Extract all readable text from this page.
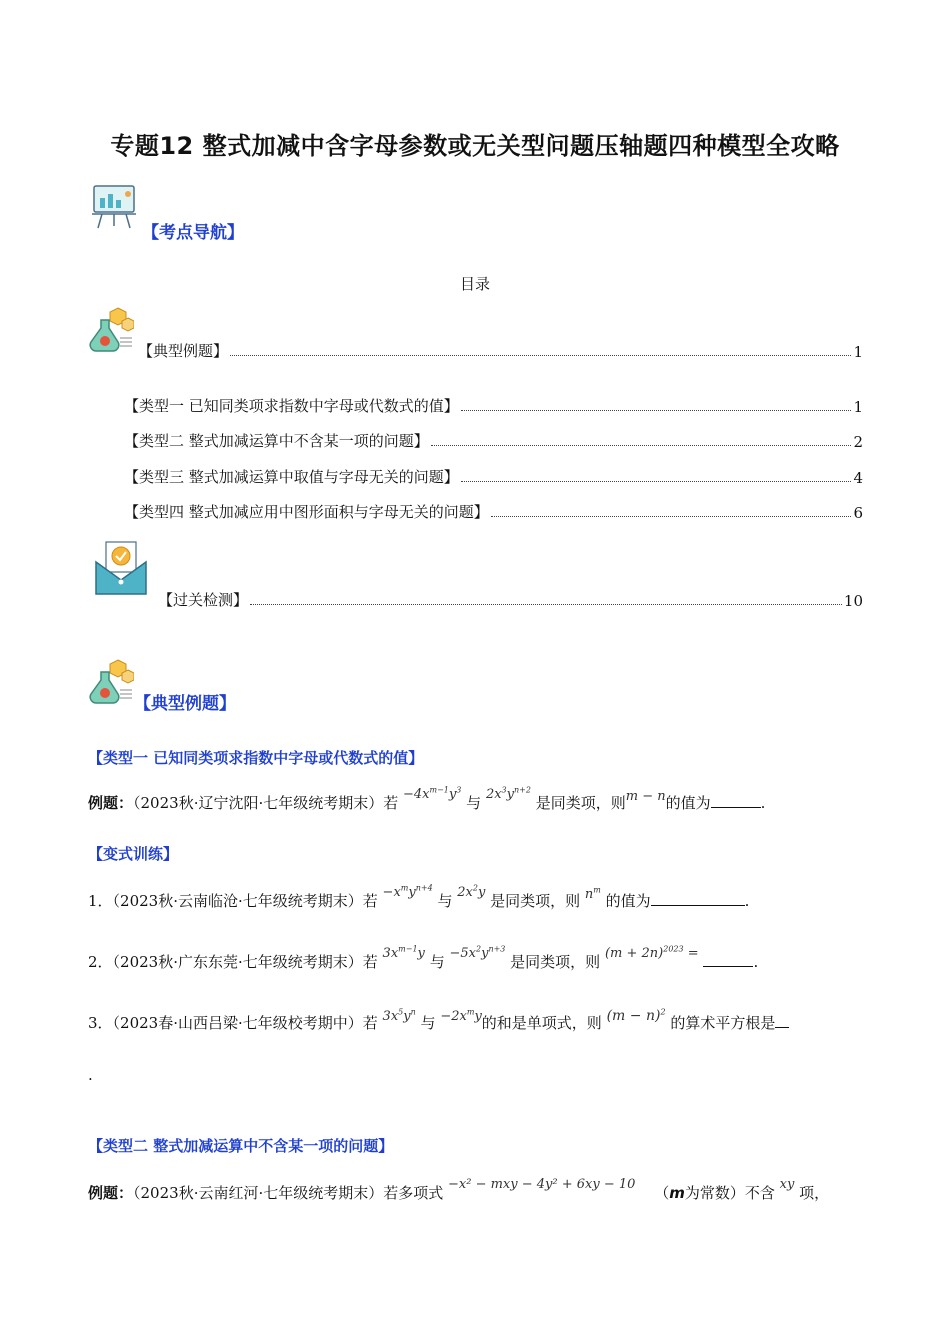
专题12 整式加减中含字母参数或无关型问题压轴题四种模型全攻略
【考点导航】
目录
【典型例题】	1
【类型一 已知同类项求指数中字母或代数式的值】	1
【类型二 整式加减运算中不含某一项的问题】	2
【类型三 整式加减运算中取值与字母无关的问题】	4
【类型四 整式加减应用中图形面积与字母无关的问题】	6
【过关检测】	10
【典型例题】
【类型一 已知同类项求指数中字母或代数式的值】
例题：（2023秋·辽宁沈阳·七年级统考期末）若 $-4x^{m-1}y^3$ 与 $2x^3y^{n+2}$ 是同类项，则m − n的值为	.
【变式训练】
1．（2023秋·云南临沧·七年级统考期末）若 $-x^my^{n+4}$ 与 $2x^2y$ 是同类项，则 $n^m$ 的值为	.
2．（2023秋·广东东莞·七年级统考期末）若 $3x^{m-1}y$ 与 $-5x^2y^{n+3}$ 是同类项，则 $(m + 2n)^{2023}$ =	.
3．（2023春·山西吕梁·七年级校考期中）若 $3x^5y^n$ 与 $-2x^my$的和是单项式，则 $(m - n)^2$ 的算术平方根是
.
【类型二 整式加减运算中不含某一项的问题】
例题：（2023秋·云南红河·七年级统考期末）若多项式 −x² − mxy − 4y² + 6xy − 10 （m为常数）不含 xy 项，
